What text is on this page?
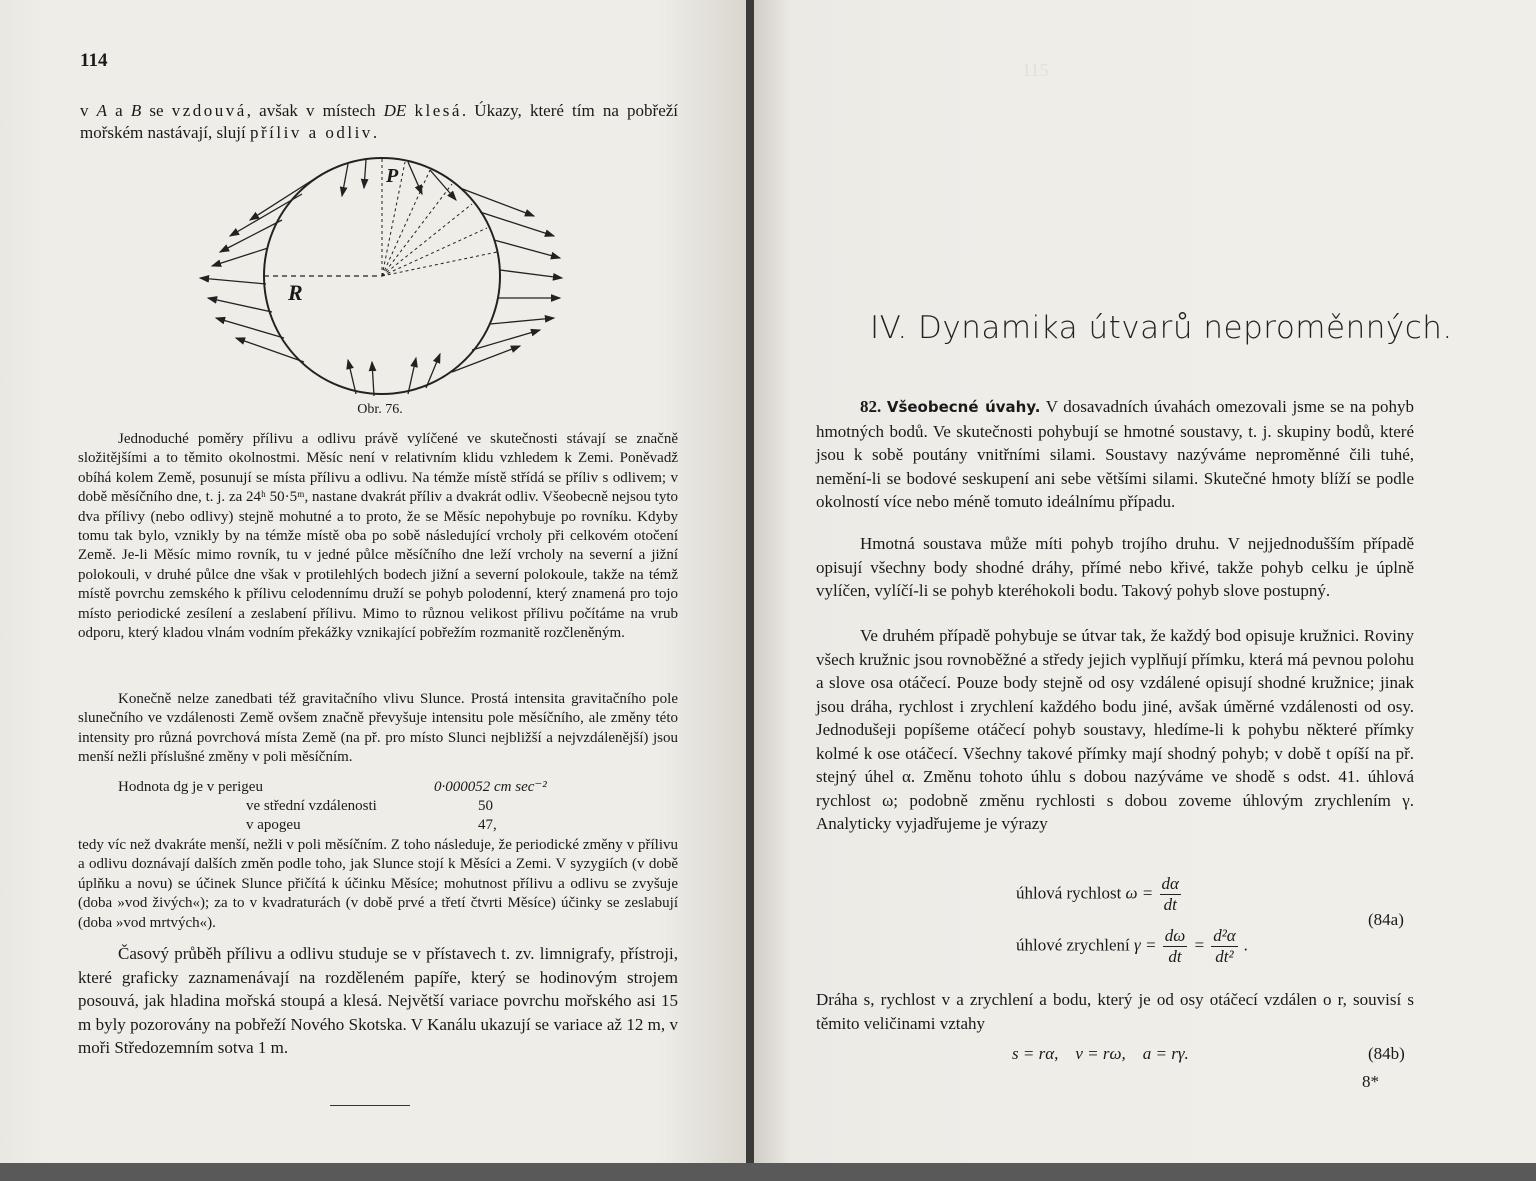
114

v A a B se vzdouvá, avšak v místech DE klesá. Úkazy, které tím na pobřeží mořském nastávají, slují příliv a odliv.

P
R
Obr. 76.

Jednoduché poměry přílivu a odlivu právě vylíčené ve skutečnosti stávají se značně složitějšími a to těmito okolnostmi. Měsíc není v relativním klidu vzhledem k Zemi. Poněvadž obíhá kolem Země, posunují se místa přílivu a odlivu. Na témže místě střídá se příliv s odlivem; v době měsíčního dne, t. j. za 24ʰ 50·5ᵐ, nastane dvakrát příliv a dvakrát odliv. Všeobecně nejsou tyto dva přílivy (nebo odlivy) stejně mohutné a to proto, že se Měsíc nepohybuje po rovníku. Kdyby tomu tak bylo, vznikly by na témže místě oba po sobě následující vrcholy při celkovém otočení Země. Je-li Měsíc mimo rovník, tu v jedné půlce měsíčního dne leží vrcholy na severní a jižní polokouli, v druhé půlce dne však v protilehlých bodech jižní a severní polokoule, takže na témž místě povrchu zemského k přílivu celodennímu druží se pohyb polodenní, který znamená pro tojo místo periodické zesílení a zeslabení přílivu. Mimo to různou velikost přílivu počítáme na vrub odporu, který kladou vlnám vodním překážky vznikající pobřežím rozmanitě rozčleněným.

Konečně nelze zanedbati též gravitačního vlivu Slunce. Prostá intensita gravitačního pole slunečního ve vzdálenosti Země ovšem značně převyšuje intensitu pole měsíčního, ale změny této intensity pro různá povrchová místa Země (na př. pro místo Slunci nejbližší a nejvzdálenější) jsou menší nežli příslušné změny v poli měsíčním.

Hodnota dg je v perigeu	0·000052 cm sec⁻²
ve střední vzdálenosti	50
v apogeu	47,

tedy víc než dvakráte menší, nežli v poli měsíčním. Z toho následuje, že periodické změny v přílivu a odlivu doznávají dalších změn podle toho, jak Slunce stojí k Měsíci a Zemi. V syzygiích (v době úplňku a novu) se účinek Slunce přičítá k účinku Měsíce; mohutnost přílivu a odlivu se zvyšuje (doba »vod živých«); za to v kvadraturách (v době prvé a třetí čtvrti Měsíce) účinky se zeslabují (doba »vod mrtvých«).

Časový průběh přílivu a odlivu studuje se v přístavech t. zv. limnigrafy, přístroji, které graficky zaznamenávají na rozděleném papíře, který se hodinovým strojem posouvá, jak hladina mořská stoupá a klesá. Největší variace povrchu mořského asi 15 m byly pozorovány na pobřeží Nového Skotska. V Kanálu ukazují se variace až 12 m, v moři Středozemním sotva 1 m.

115
IV. Dynamika útvarů neproměnných.

82. Všeobecné úvahy. V dosavadních úvahách omezovali jsme se na pohyb hmotných bodů. Ve skutečnosti pohybují se hmotné soustavy, t. j. skupiny bodů, které jsou k sobě poutány vnitřními silami. Soustavy nazýváme neproměnné čili tuhé, nemění-li se bodové seskupení ani sebe většími silami. Skutečné hmoty blíží se podle okolností více nebo méně tomuto ideálnímu případu.

Hmotná soustava může míti pohyb trojího druhu. V nejjednodušším případě opisují všechny body shodné dráhy, přímé nebo křivé, takže pohyb celku je úplně vylíčen, vylíčí-li se pohyb kteréhokoli bodu. Takový pohyb slove postupný.

Ve druhém případě pohybuje se útvar tak, že každý bod opisuje kružnici. Roviny všech kružnic jsou rovnoběžné a středy jejich vyplňují přímku, která má pevnou polohu a slove osa otáčecí. Pouze body stejně od osy vzdálené opisují shodné kružnice; jinak jsou dráha, rychlost i zrychlení každého bodu jiné, avšak úměrné vzdálenosti od osy. Jednodušeji popíšeme otáčecí pohyb soustavy, hledíme-li k pohybu některé přímky kolmé k ose otáčecí. Všechny takové přímky mají shodný pohyb; v době t opíší na př. stejný úhel α. Změnu tohoto úhlu s dobou nazýváme ve shodě s odst. 41. úhlová rychlost ω; podobně změnu rychlosti s dobou zoveme úhlovým zrychlením γ. Analyticky vyjadřujeme je výrazy

úhlová rychlost $\omega = \frac{d\alpha}{dt}$
(84a)
úhlové zrychlení $\gamma = \frac{d\omega}{dt} = \frac{\text{d²α}}{\text{dt²}}$ .

Dráha s, rychlost v a zrychlení a bodu, který je od osy otáčecí vzdálen o r, souvisí s těmito veličinami vztahy

s = rα,    v = rω,    a = rγ.	(84b)
8*
